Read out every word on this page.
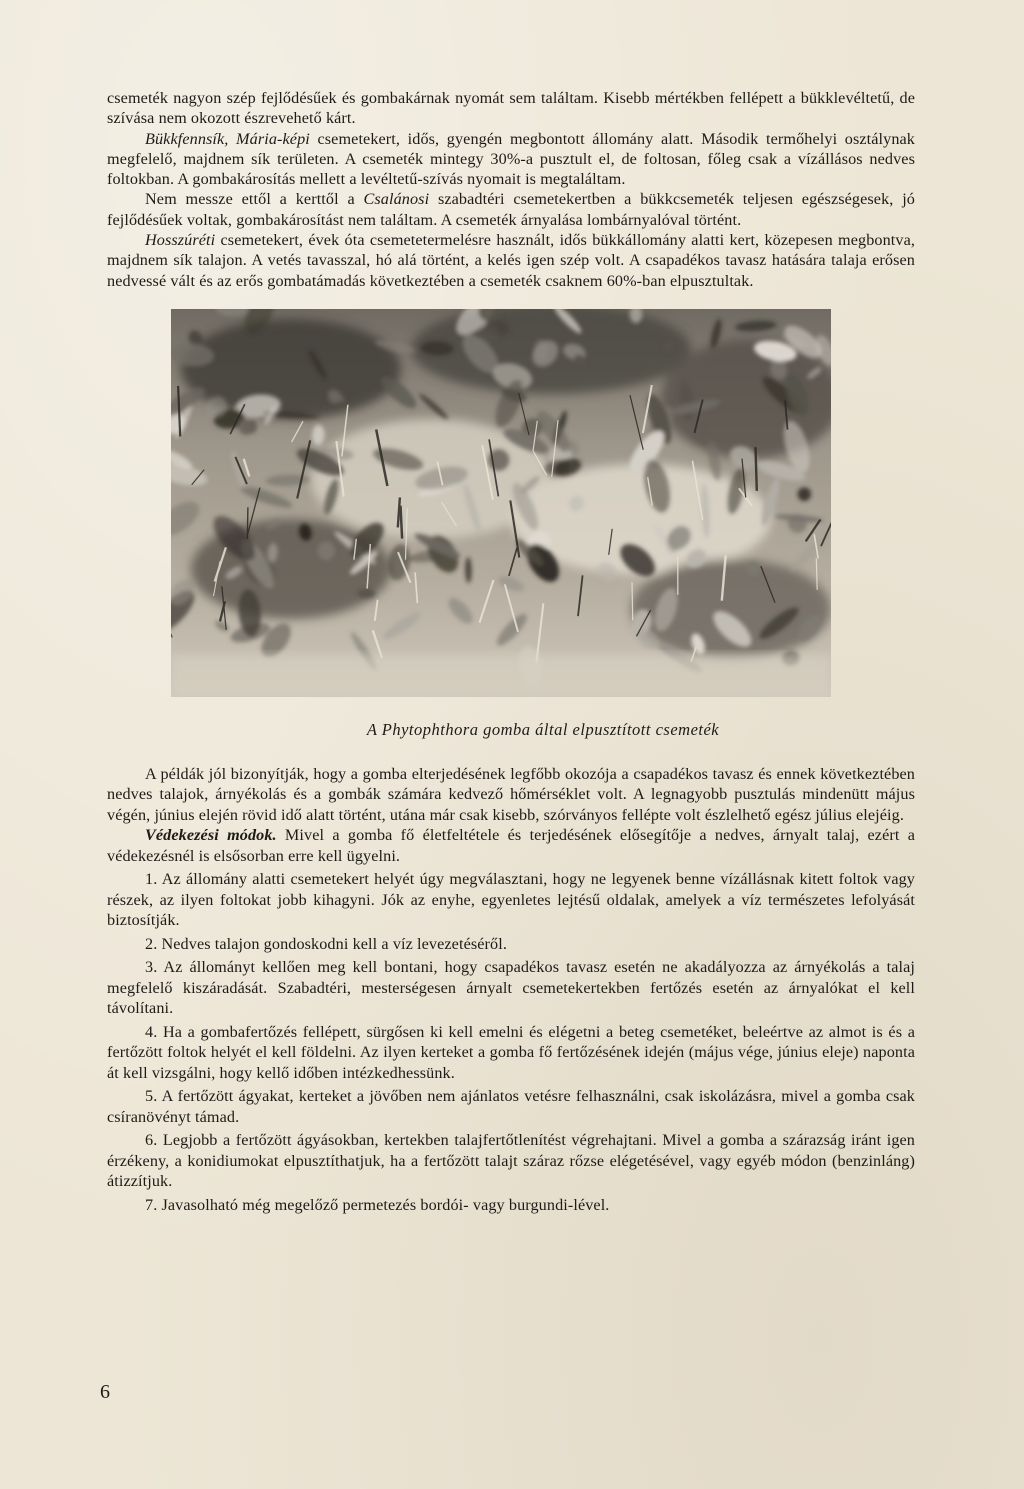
csemeték nagyon szép fejlődésűek és gombakárnak nyomát sem találtam. Kisebb mértékben fellépett a bükklevéltetű, de szívása nem okozott észrevehető kárt.

Bükkfennsík, Mária-képi csemetekert, idős, gyengén megbontott állomány alatt. Második termőhelyi osztálynak megfelelő, majdnem sík területen. A csemeték mintegy 30%-a pusztult el, de foltosan, főleg csak a vízállásos nedves foltokban. A gombakárosítás mellett a levéltetű-szívás nyomait is megtaláltam.

Nem messze ettől a kerttől a Csalánosi szabadtéri csemetekertben a bükkcsemeték teljesen egészségesek, jó fejlődésűek voltak, gombakárosítást nem találtam. A csemeték árnyalása lombárnyalóval történt.

Hosszúréti csemetekert, évek óta csemetetermelésre használt, idős bükkállomány alatti kert, közepesen megbontva, majdnem sík talajon. A vetés tavasszal, hó alá történt, a kelés igen szép volt. A csapadékos tavasz hatására talaja erősen nedvessé vált és az erős gombatámadás következtében a csemeték csaknem 60%-ban elpusztultak.

A Phytophthora gomba által elpusztított csemeték

A példák jól bizonyítják, hogy a gomba elterjedésének legfőbb okozója a csapadékos tavasz és ennek következtében nedves talajok, árnyékolás és a gombák számára kedvező hőmérséklet volt. A legnagyobb pusztulás mindenütt május végén, június elején rövid idő alatt történt, utána már csak kisebb, szórványos fellépte volt észlelhető egész július elejéig.

Védekezési módok. Mivel a gomba fő életfeltétele és terjedésének elősegítője a nedves, árnyalt talaj, ezért a védekezésnél is elsősorban erre kell ügyelni.

1. Az állomány alatti csemetekert helyét úgy megválasztani, hogy ne legyenek benne vízállásnak kitett foltok vagy részek, az ilyen foltokat jobb kihagyni. Jók az enyhe, egyenletes lejtésű oldalak, amelyek a víz természetes lefolyását biztosítják.

2. Nedves talajon gondoskodni kell a víz levezetéséről.

3. Az állományt kellően meg kell bontani, hogy csapadékos tavasz esetén ne akadályozza az árnyékolás a talaj megfelelő kiszáradását. Szabadtéri, mesterségesen árnyalt csemetekertekben fertőzés esetén az árnyalókat el kell távolítani.

4. Ha a gombafertőzés fellépett, sürgősen ki kell emelni és elégetni a beteg csemetéket, beleértve az almot is és a fertőzött foltok helyét el kell földelni. Az ilyen kerteket a gomba fő fertőzésének idején (május vége, június eleje) naponta át kell vizsgálni, hogy kellő időben intézkedhessünk.

5. A fertőzött ágyakat, kerteket a jövőben nem ajánlatos vetésre felhasználni, csak iskolázásra, mivel a gomba csak csíranövényt támad.

6. Legjobb a fertőzött ágyásokban, kertekben talajfertőtlenítést végrehajtani. Mivel a gomba a szárazság iránt igen érzékeny, a konidiumokat elpusztíthatjuk, ha a fertőzött talajt száraz rőzse elégetésével, vagy egyéb módon (benzinláng) átizzítjuk.

7. Javasolható még megelőző permetezés bordói- vagy burgundi-lével.

6
